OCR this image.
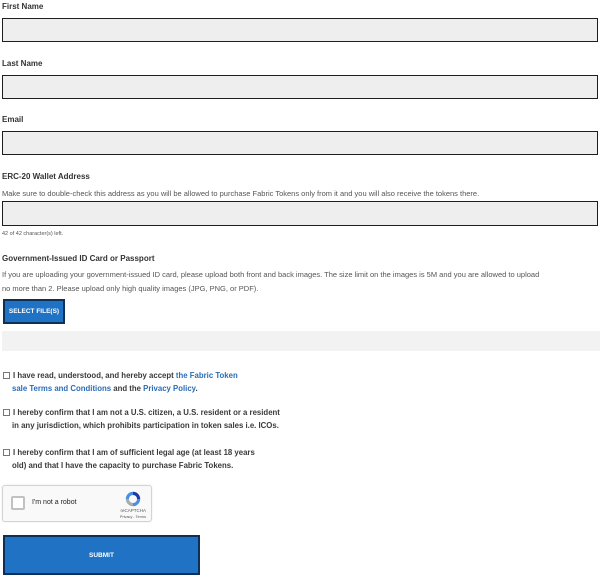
First Name
Last Name
Email
ERC-20 Wallet Address
Make sure to double-check this address as you will be allowed to purchase Fabric Tokens only from it and you will also receive the tokens there.
42 of 42 character(s) left.
Government-Issued ID Card or Passport
If you are uploading your government-issued ID card, please upload both front and back images. The size limit on the images is 5M and you are allowed to upload
no more than 2. Please upload only high quality images (JPG, PNG, or PDF).
SELECT FILE(S)
I have read, understood, and hereby accept the Fabric Token
sale Terms and Conditions and the Privacy Policy.
I hereby confirm that I am not a U.S. citizen, a U.S. resident or a resident
in any jurisdiction, which prohibits participation in token sales i.e. ICOs.
I hereby confirm that I am of sufficient legal age (at least 18 years
old) and that I have the capacity to purchase Fabric Tokens.
I'm not a robot
reCAPTCHA
Privacy - Terms
SUBMIT
